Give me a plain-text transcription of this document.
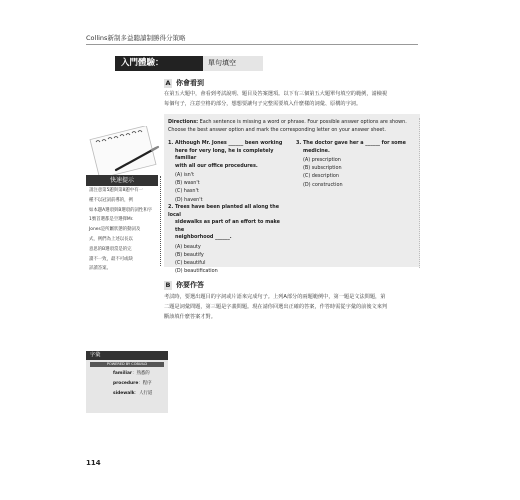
Collins新制多益聽讀制勝得分策略
入門體驗：	單句填空
A 你會看到
在第五大題中，會看到考試說明、題目及答案選項。以下有三個第五大題單句填空的範例，請檢視
每個句子，注意空格的部分，想想要讓句子完整需要填入什麼樣的詞彙、原構的字詞。
Directions: Each sentence is missing a word or phrase. Four possible answer options are shown.
Choose the best answer option and mark the corresponding letter on your answer sheet.
1. Although Mr. Jones ______ been working
here for very long, he is completely familiar
with all our office procedures.
(A) isn't
(B) wasn't
(C) hasn't
(D) haven't
2. Trees have been planted all along the local
sidewalks as part of an effort to make the
neighborhood ______.
(A) beauty
(B) beautify
(C) beautiful
(D) beautification
3. The doctor gave her a ______ for some
medicine.
(A) prescription
(B) subscription
(C) description
(D) construction
快速提示
請注意第5題與第8題中有一
種不以冠詞前導的，例
如本題A選項與B選項的詞性和字
1號首選都是空選擇Mr.
Jones是所屬狀態的動詞及
式，例們為上述以長以
意思的B選項當是的完
讀不一致，最不可或缺
詳讀答案。
B 你要作答
考試時，要選出題目的字詞或片語來完成句子。上列A部分的兩題範例中，第一題是文法問題，第
二題是詞彙問題，第三題是字義問題。現在請你回選出正確的答案，作答時需從字彙的前後文來判
斷該填什麼答案才對。
字彙
POWERED BY COBUILD
familiar：熟悉的
procedure：程序
sidewalk：人行道
114
